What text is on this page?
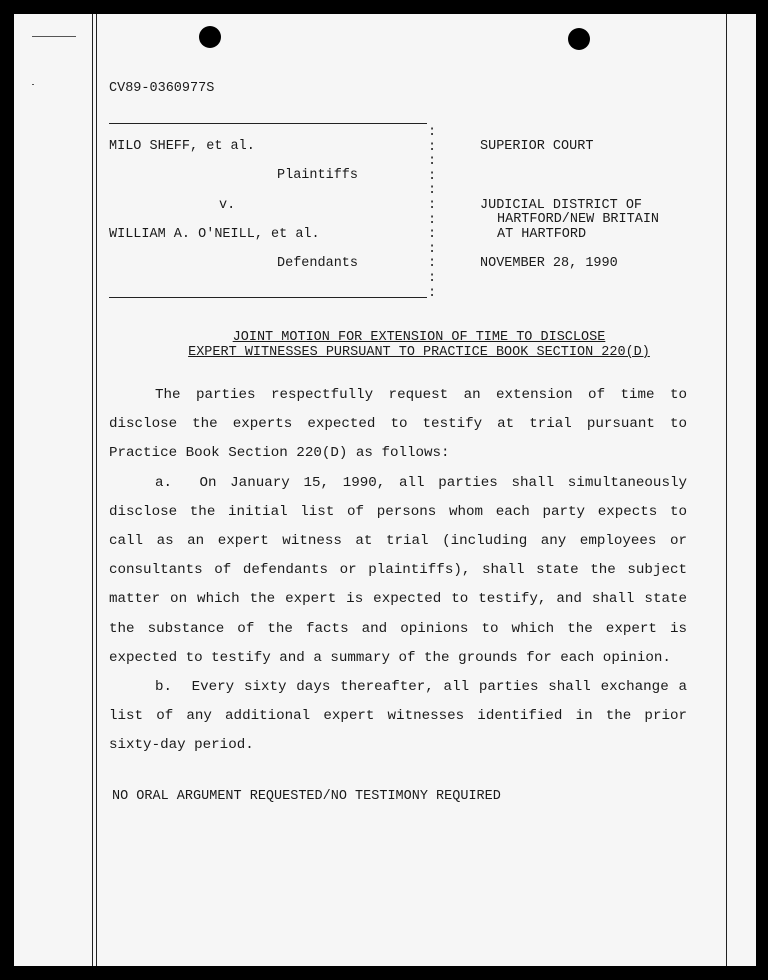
CV89-0360977S
MILO SHEFF, et al.
Plaintiffs
v.
WILLIAM A. O'NEILL, et al.
Defendants
:
:
:
:
:
:
:
:
:
:
:
:
SUPERIOR COURT
JUDICIAL DISTRICT OF
HARTFORD/NEW BRITAIN
AT HARTFORD
NOVEMBER 28, 1990
JOINT MOTION FOR EXTENSION OF TIME TO DISCLOSE
EXPERT WITNESSES PURSUANT TO PRACTICE BOOK SECTION 220(D)

The parties respectfully request an extension of time to disclose the experts expected to testify at trial pursuant to Practice Book Section 220(D) as follows:

a. On January 15, 1990, all parties shall simultaneously disclose the initial list of persons whom each party expects to call as an expert witness at trial (including any employees or consultants of defendants or plaintiffs), shall state the subject matter on which the expert is expected to testify, and shall state the substance of the facts and opinions to which the expert is expected to testify and a summary of the grounds for each opinion.

b. Every sixty days thereafter, all parties shall exchange a list of any additional expert witnesses identified in the prior sixty-day period.

NO ORAL ARGUMENT REQUESTED/NO TESTIMONY REQUIRED
